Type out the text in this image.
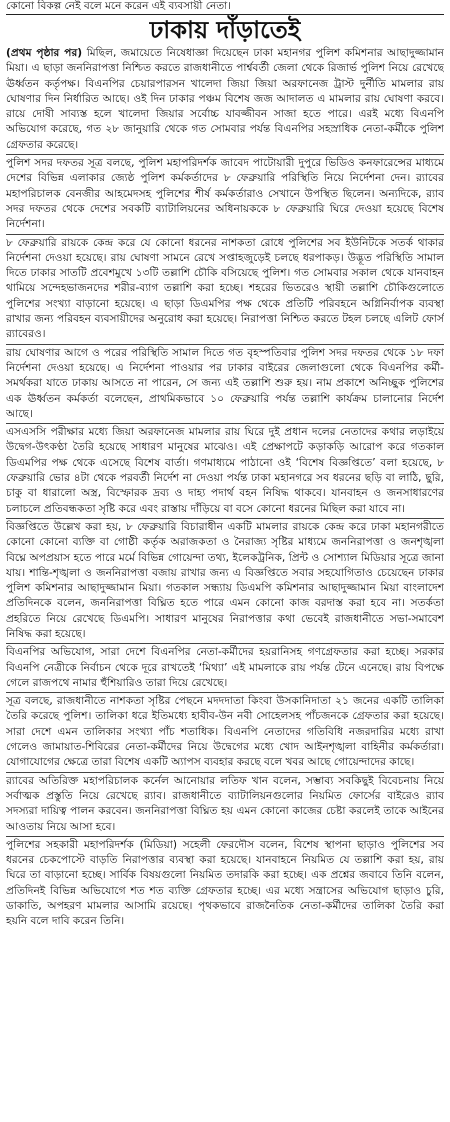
কোনো বিকল্প নেই বলে মনে করেন এই ব্যবসায়ী নেতা।
ঢাকায় দাঁড়াতেই

(প্রথম পৃষ্ঠার পর) মিছিল, জমায়েতে নিষেধাজ্ঞা দিয়েছেন ঢাকা মহানগর পুলিশ কমিশনার আছাদুজ্জামান মিয়া। এ ছাড়া জননিরাপত্তা নিশ্চিত করতে রাজধানীতে পার্শ্ববর্তী জেলা থেকে রিজার্ভ পুলিশ নিয়ে রেখেছে ঊর্ধ্বতন কর্তৃপক্ষ। বিএনপির চেয়ারপারসন খালেদা জিয়া জিয়া অরফানেজ ট্রাস্ট দুর্নীতি মামলার রায় ঘোষণার দিন নির্ধারিত আছে। ওই দিন ঢাকার পঞ্চম বিশেষ জজ আদালত এ মামলার রায় ঘোষণা করবে। রায়ে দোষী সাব্যস্ত হলে খালেদা জিয়ার সর্বোচ্চ যাবজ্জীবন সাজা হতে পারে। এরই মধ্যে বিএনপি অভিযোগ করেছে, গত ২৮ জানুয়ারি থেকে গত সোমবার পর্যন্ত বিএনপির সহস্রাধিক নেতা-কর্মীকে পুলিশ গ্রেফতার করেছে।

পুলিশ সদর দফতর সূত্র বলছে, পুলিশ মহাপরিদর্শক জাবেদ পাটোয়ারী দুপুরে ভিডিও কনফারেন্সের মাধ্যমে দেশের বিভিন্ন এলাকার জ্যেষ্ঠ পুলিশ কর্মকর্তাদের ৮ ফেব্রুয়ারি পরিস্থিতি নিয়ে নির্দেশনা দেন। র‌্যাবের মহাপরিচালক বেনজীর আহমেদসহ পুলিশের শীর্ষ কর্মকর্তারাও সেখানে উপস্থিত ছিলেন। অন্যদিকে, র‌্যাব সদর দফতর থেকে দেশের সবকটি ব্যাটালিয়নের অধিনায়ককে ৮ ফেব্রুয়ারি ঘিরে দেওয়া হয়েছে বিশেষ নির্দেশনা।

৮ ফেব্রুয়ারি রায়কে কেন্দ্র করে যে কোনো ধরনের নাশকতা রোধে পুলিশের সব ইউনিটকে সতর্ক থাকার নির্দেশনা দেওয়া হয়েছে। রায় ঘোষণা সামনে রেখে সপ্তাহজুড়েই চলছে ধরপাকড়। উদ্ভূত পরিস্থিতি সামাল দিতে ঢাকার সাতটি প্রবেশমুখে ১৩টি তল্লাশি চৌকি বসিয়েছে পুলিশ। গত সোমবার সকাল থেকে যানবাহন থামিয়ে সন্দেহভাজনদের শরীর-ব্যাগ তল্লাশি করা হচ্ছে। শহরের ভিতরেও স্থায়ী তল্লাশি চৌকিগুলোতে পুলিশের সংখ্যা বাড়ানো হয়েছে। এ ছাড়া ডিএমপির পক্ষ থেকে প্রতিটি পরিবহনে অগ্নিনির্বাপক ব্যবস্থা রাখার জন্য পরিবহন ব্যবসায়ীদের অনুরোধ করা হয়েছে। নিরাপত্তা নিশ্চিত করতে টহল চলছে এলিট ফোর্স র‌্যাবেরও।

রায় ঘোষণার আগে ও পরের পরিস্থিতি সামাল দিতে গত বৃহস্পতিবার পুলিশ সদর দফতর থেকে ১৮ দফা নির্দেশনা দেওয়া হয়েছে। এ নির্দেশনা পাওয়ার পর ঢাকার বাইরের জেলাগুলো থেকে বিএনপির কর্মী-সমর্থকরা যাতে ঢাকায় আসতে না পারেন, সে জন্য এই তল্লাশি শুরু হয়। নাম প্রকাশে অনিচ্ছুক পুলিশের এক ঊর্ধ্বতন কর্মকর্তা বলেছেন, প্রাথমিকভাবে ১০ ফেব্রুয়ারি পর্যন্ত তল্লাশি কার্যক্রম চালানোর নির্দেশ আছে।

এসএসসি পরীক্ষার মধ্যে জিয়া অরফানেজ মামলার রায় ঘিরে দুই প্রধান দলের নেতাদের কথার লড়াইয়ে উদ্বেগ-উৎকণ্ঠা তৈরি হয়েছে সাধারণ মানুষের মাঝেও। এই প্রেক্ষাপটে কড়াকড়ি আরোপ করে গতকাল ডিএমপির পক্ষ থেকে এসেছে বিশেষ বার্তা। গণমাধ্যমে পাঠানো ওই ‘বিশেষ বিজ্ঞপ্তিতে’ বলা হয়েছে, ৮ ফেব্রুয়ারি ভোর ৪টা থেকে পরবর্তী নির্দেশ না দেওয়া পর্যন্ত ঢাকা মহানগরে সব ধরনের ছড়ি বা লাঠি, ছুরি, চাকু বা ধারালো অস্ত্র, বিস্ফোরক দ্রব্য ও দাহ্য পদার্থ বহন নিষিদ্ধ থাকবে। যানবাহন ও জনসাধারণের চলাচলে প্রতিবন্ধকতা সৃষ্টি করে এবং রাস্তায় দাঁড়িয়ে বা বসে কোনো ধরনের মিছিল করা যাবে না।

বিজ্ঞপ্তিতে উল্লেখ করা হয়, ৮ ফেব্রুয়ারি বিচারাধীন একটি মামলার রায়কে কেন্দ্র করে ঢাকা মহানগরীতে কোনো কোনো ব্যক্তি বা গোষ্ঠী কর্তৃক অরাজকতা ও নৈরাজ্য সৃষ্টির মাধ্যমে জননিরাপত্তা ও জনশৃঙ্খলা বিঘ্নে অপপ্রয়াস হতে পারে মর্মে বিভিন্ন গোয়েন্দা তথ্য, ইলেকট্রনিক, প্রিন্ট ও সোশ্যাল মিডিয়ার সূত্রে জানা যায়। শান্তি-শৃঙ্খলা ও জননিরাপত্তা বজায় রাখার জন্য এ বিজ্ঞপ্তিতে সবার সহযোগিতাও চেয়েছেন ঢাকার পুলিশ কমিশনার আছাদুজ্জামান মিয়া। গতকাল সন্ধ্যায় ডিএমপি কমিশনার আছাদুজ্জামান মিয়া বাংলাদেশ প্রতিদিনকে বলেন, জননিরাপত্তা বিঘ্নিত হতে পারে এমন কোনো কাজ বরদাস্ত করা হবে না। সতর্কতা প্রহরিতে নিয়ে রেখেছে ডিএমপি। সাধারণ মানুষের নিরাপত্তার কথা ভেবেই রাজধানীতে সভা-সমাবেশ নিষিদ্ধ করা হয়েছে।

বিএনপির অভিযোগ, সারা দেশে বিএনপির নেতা-কর্মীদের হয়রানিসহ গণগ্রেফতার করা হচ্ছে। সরকার বিএনপি নেত্রীকে নির্বাচন থেকে দূরে রাখতেই ‘মিথ্যা’ এই মামলাকে রায় পর্যন্ত টেনে এনেছে। রায় বিপক্ষে গেলে রাজপথে নামার হুঁশিয়ারিও তারা দিয়ে রেখেছে।

সূত্র বলছে, রাজধানীতে নাশকতা সৃষ্টির পেছনে মদদদাতা কিংবা উসকানিদাতা ২১ জনের একটি তালিকা তৈরি করেছে পুলিশ। তালিকা ধরে ইতিমধ্যে হাবীব-উন নবী সোহেলসহ পাঁচজনকে গ্রেফতার করা হয়েছে। সারা দেশে এমন তালিকার সংখ্যা পাঁচ শতাধিক। বিএনপি নেতাদের গতিবিধি নজরদারির মধ্যে রাখা গেলেও জামায়াত-শিবিরের নেতা-কর্মীদের নিয়ে উদ্বেগের মধ্যে খোদ আইনশৃঙ্খলা বাহিনীর কর্মকর্তারা। যোগাযোগের ক্ষেত্রে তারা বিশেষ একটি অ্যাপস ব্যবহার করছে বলে খবর আছে গোয়েন্দাদের কাছে।

র‌্যাবের অতিরিক্ত মহাপরিচালক কর্নেল আনোয়ার লতিফ খান বলেন, সম্ভাব্য সবকিছুই বিবেচনায় নিয়ে সর্বাত্মক প্রস্তুতি নিয়ে রেখেছে র‌্যাব। রাজধানীতে ব্যাটালিয়নগুলোর নিয়মিত ফোর্সের বাইরেও র‌্যাব সদস্যরা দায়িত্ব পালন করবেন। জননিরাপত্তা বিঘ্নিত হয় এমন কোনো কাজের চেষ্টা করলেই তাকে আইনের আওতায় নিয়ে আসা হবে।

পুলিশের সহকারী মহাপরিদর্শক (মিডিয়া) সহেলী ফেরদৌস বলেন, বিশেষ স্থাপনা ছাড়াও পুলিশের সব ধরনের চেকপোস্টে বাড়তি নিরাপত্তার ব্যবস্থা করা হয়েছে। যানবাহনে নিয়মিত যে তল্লাশি করা হয়, রায় ঘিরে তা বাড়ানো হচ্ছে। সার্বিক বিষয়গুলো নিয়মিত তদারকি করা হচ্ছে। এক প্রশ্নের জবাবে তিনি বলেন, প্রতিদিনই বিভিন্ন অভিযোগে শত শত ব্যক্তি গ্রেফতার হচ্ছে। এর মধ্যে সন্ত্রাসের অভিযোগ ছাড়াও চুরি, ডাকাতি, অপহরণ মামলার আসামি রয়েছে। পৃথকভাবে রাজনৈতিক নেতা-কর্মীদের তালিকা তৈরি করা হয়নি বলে দাবি করেন তিনি।
